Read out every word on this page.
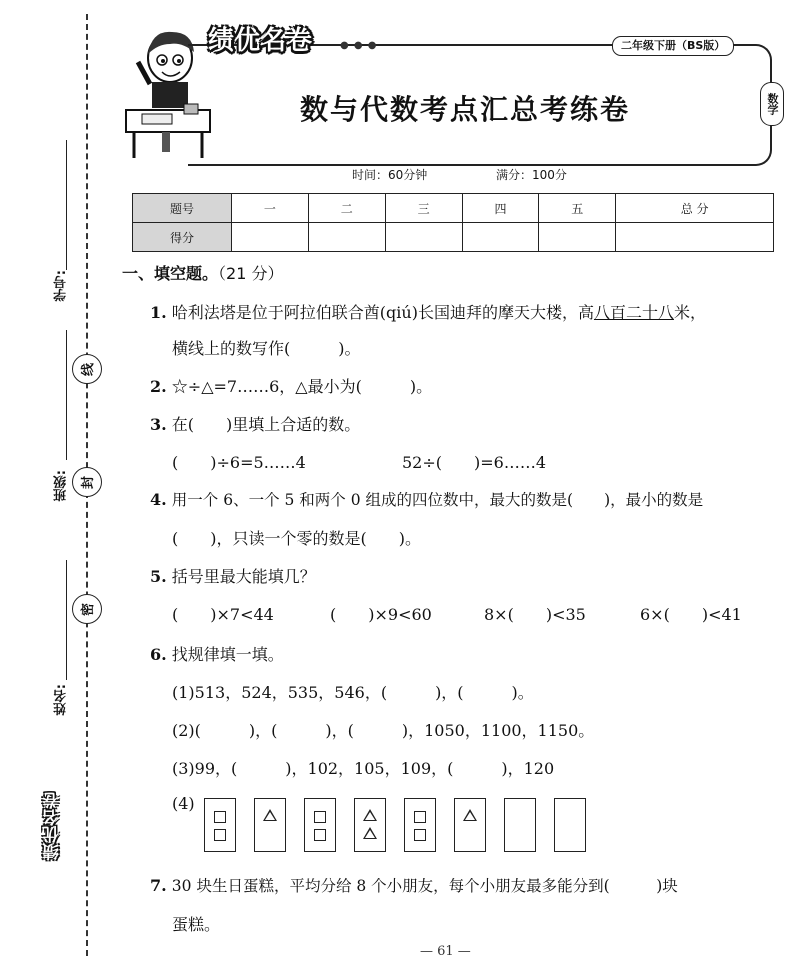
学号:
班级:
姓名:
线
封
密
绩优名卷
绩优名卷	● ● ●	二年级下册（BS版）
数学
数与代数考点汇总考练卷
时间：60分钟	满分：100分
题号	一	二	三	四	五	总 分
得分						
一、填空题。（21 分）
1. 哈利法塔是位于阿拉伯联合酋(qiú)长国迪拜的摩天大楼，高八百二十八米，
横线上的数写作(　　　)。
2. ☆÷△=7……6，△最小为(　　　)。
3. 在(　　)里填上合适的数。
(　　)÷6=5……4	52÷(　　)=6……4
4. 用一个 6、一个 5 和两个 0 组成的四位数中，最大的数是(　　)，最小的数是
(　　)，只读一个零的数是(　　)。
5. 括号里最大能填几？
(　　)×7<44	(　　)×9<60	8×(　　)<35	6×(　　)<41
6. 找规律填一填。
(1)513，524，535，546，(　　　)，(　　　)。
(2)(　　　)，(　　　)，(　　　)，1050，1100，1150。
(3)99，(　　　)，102，105，109，(　　　)，120
(4)
7. 30 块生日蛋糕，平均分给 8 个小朋友，每个小朋友最多能分到(　　　)块
蛋糕。
— 61 —
